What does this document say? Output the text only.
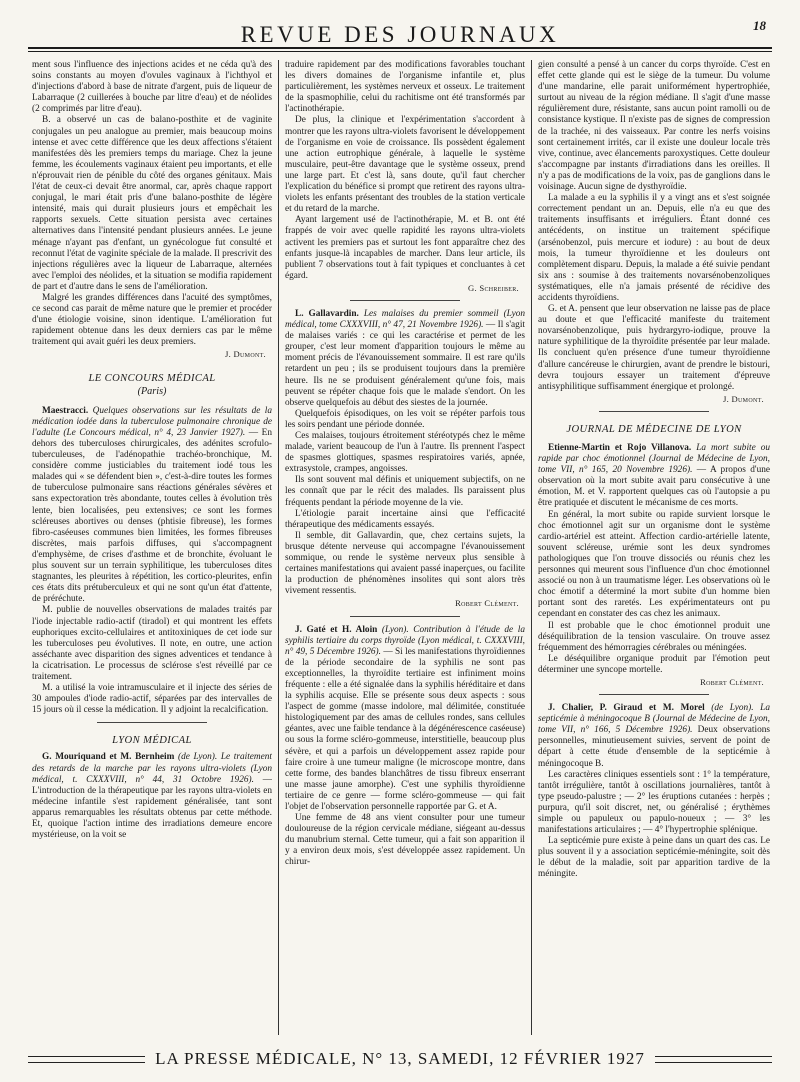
REVUE DES JOURNAUX	18

ment sous l'influence des injections acides et ne céda qu'à des soins constants au moyen d'ovules vaginaux à l'ichthyol et d'injections d'abord à base de nitrate d'argent, puis de liqueur de Labarraque (2 cuillerées à bouche par litre d'eau) et de néolides (2 comprimés par litre d'eau).

B. a observé un cas de balano-posthite et de vaginite conjugales un peu analogue au premier, mais beaucoup moins intense et avec cette différence que les deux affections s'étaient manifestées dès les premiers temps du mariage. Chez la jeune femme, les écoulements vaginaux étaient peu importants, et elle n'éprouvait rien de pénible du côté des organes génitaux. Mais l'état de ceux-ci devait être anormal, car, après chaque rapport conjugal, le mari était pris d'une balano-posthite de légère intensité, mais qui durait plusieurs jours et empêchait les rapports sexuels. Cette situation persista avec certaines alternatives dans l'intensité pendant plusieurs années. Le jeune ménage n'ayant pas d'enfant, un gynécologue fut consulté et reconnut l'état de vaginite spéciale de la malade. Il prescrivit des injections régulières avec la liqueur de Labarraque, alternées avec l'emploi des néolides, et la situation se modifia rapidement de part et d'autre dans le sens de l'amélioration.

Malgré les grandes différences dans l'acuité des symptômes, ce second cas parait de même nature que le premier et procéder d'une étiologie voisine, sinon identique. L'amélioration fut rapidement obtenue dans les deux derniers cas par le même traitement qui avait guéri les deux premiers.

J. Dumont.
LE CONCOURS MÉDICAL
(Paris)

Maestracci. Quelques observations sur les résultats de la médication iodée dans la tuberculose pulmonaire chronique de l'adulte (Le Concours médical, n° 4, 23 Janvier 1927). — En dehors des tuberculoses chirurgicales, des adénites scrofulo-tuberculeuses, de l'adénopathie trachéo-bronchique, M. considère comme justiciables du traitement iodé tous les malades qui « se défendent bien », c'est-à-dire toutes les formes de tuberculose pulmonaire sans réactions générales sévères et sans expectoration très abondante, toutes celles à évolution très lente, bien localisées, peu extensives; ce sont les formes scléreuses abortives ou denses (phtisie fibreuse), les formes fibro-caséeuses communes bien limitées, les formes fibreuses discrètes, mais parfois diffuses, qui s'accompagnent d'emphysème, de crises d'asthme et de bronchite, évoluant le plus souvent sur un terrain syphilitique, les tuberculoses dites stagnantes, les pleurites à répétition, les cortico-pleurites, enfin ces états dits prétuberculeux et qui ne sont qu'un état d'attente, de préréchute.

M. publie de nouvelles observations de malades traités par l'iode injectable radio-actif (tiradol) et qui montrent les effets euphoriques excito-cellulaires et antitoxiniques de cet iode sur les tuberculoses peu évolutives. Il note, en outre, une action asséchante avec disparition des signes adventices et tendance à la cicatrisation. Le processus de sclérose s'est réveillé par ce traitement.

M. a utilisé la voie intramusculaire et il injecte des séries de 30 ampoules d'iode radio-actif, séparées par des intervalles de 15 jours où il cesse la médication. Il y adjoint la recalcification.

LYON MÉDICAL

G. Mouriquand et M. Bernheim (de Lyon). Le traitement des retards de la marche par les rayons ultra-violets (Lyon médical, t. CXXXVIII, n° 44, 31 Octobre 1926). — L'introduction de la thérapeutique par les rayons ultra-violets en médecine infantile s'est rapidement généralisée, tant sont apparus remarquables les résultats obtenus par cette méthode. Et, quoique l'action intime des irradiations demeure encore mystérieuse, on la voit se

traduire rapidement par des modifications favorables touchant les divers domaines de l'organisme infantile et, plus particulièrement, les systèmes nerveux et osseux. Le traitement de la spasmophilie, celui du rachitisme ont été transformés par l'actinothérapie.

De plus, la clinique et l'expérimentation s'accordent à montrer que les rayons ultra-violets favorisent le développement de l'organisme en voie de croissance. Ils possèdent également une action eutrophique générale, à laquelle le système musculaire, peut-être davantage que le système osseux, prend une large part. Et c'est là, sans doute, qu'il faut chercher l'explication du bénéfice si prompt que retirent des rayons ultra-violets les enfants présentant des troubles de la station verticale et du retard de la marche.

Ayant largement usé de l'actinothérapie, M. et B. ont été frappés de voir avec quelle rapidité les rayons ultra-violets activent les premiers pas et surtout les font apparaître chez des enfants jusque-là incapables de marcher. Dans leur article, ils publient 7 observations tout à fait typiques et concluantes à cet égard.

G. Schreiber.

L. Gallavardin. Les malaises du premier sommeil (Lyon médical, tome CXXXVIII, n° 47, 21 Novembre 1926). — Il s'agit de malaises variés : ce qui les caractérise et permet de les grouper, c'est leur moment d'apparition toujours le même au moment précis de l'évanouissement sommaire. Il est rare qu'ils retardent un peu ; ils se produisent toujours dans la première heure. Ils ne se produisent généralement qu'une fois, mais peuvent se répéter chaque fois que le malade s'endort. On les observe quelquefois au début des siestes de la journée.

Quelquefois épisodiques, on les voit se répéter parfois tous les soirs pendant une période donnée.

Ces malaises, toujours étroitement stéréotypés chez le même malade, varient beaucoup de l'un à l'autre. Ils prennent l'aspect de spasmes glottiques, spasmes respiratoires variés, apnée, extrasystole, crampes, angoisses.

Ils sont souvent mal définis et uniquement subjectifs, on ne les connaît que par le récit des malades. Ils paraissent plus fréquents pendant la période moyenne de la vie.

L'étiologie parait incertaine ainsi que l'efficacité thérapeutique des médicaments essayés.

Il semble, dit Gallavardin, que, chez certains sujets, la brusque détente nerveuse qui accompagne l'évanouissement sommique, ou rende le système nerveux plus sensible à certaines manifestations qui avaient passé inaperçues, ou facilite la production de phénomènes insolites qui sont alors très vivement ressentis.

Robert Clément.

J. Gaté et H. Aloin (Lyon). Contribution à l'étude de la syphilis tertiaire du corps thyroïde (Lyon médical, t. CXXXVIII, n° 49, 5 Décembre 1926). — Si les manifestations thyroïdiennes de la période secondaire de la syphilis ne sont pas exceptionnelles, la thyroïdite tertiaire est infiniment moins fréquente : elle a été signalée dans la syphilis héréditaire et dans la syphilis acquise. Elle se présente sous deux aspects : sous l'aspect de gomme (masse indolore, mal délimitée, constituée histologiquement par des amas de cellules rondes, sans cellules géantes, avec une faible tendance à la dégénérescence caséeuse) ou sous la forme scléro-gommeuse, interstitielle, beaucoup plus sévère, et qui a parfois un développement assez rapide pour faire croire à une tumeur maligne (le microscope montre, dans cette forme, des bandes blanchâtres de tissu fibreux enserrant une masse jaune amorphe). C'est une syphilis thyroïdienne tertiaire de ce genre — forme scléro-gommeuse — qui fait l'objet de l'observation personnelle rapportée par G. et A.

Une femme de 48 ans vient consulter pour une tumeur douloureuse de la région cervicale médiane, siégeant au-dessus du manubrium sternal. Cette tumeur, qui a fait son apparition il y a environ deux mois, s'est développée assez rapidement. Un chirur-

gien consulté a pensé à un cancer du corps thyroïde. C'est en effet cette glande qui est le siège de la tumeur. Du volume d'une mandarine, elle parait uniformément hypertrophiée, surtout au niveau de la région médiane. Il s'agit d'une masse régulièrement dure, résistante, sans aucun point ramolli ou de consistance kystique. Il n'existe pas de signes de compression de la trachée, ni des vaisseaux. Par contre les nerfs voisins sont certainement irrités, car il existe une douleur locale très vive, continue, avec élancements paroxystiques. Cette douleur s'accompagne par instants d'irradiations dans les oreilles. Il n'y a pas de modifications de la voix, pas de ganglions dans le voisinage. Aucun signe de dysthyroïdie.

La malade a eu la syphilis il y a vingt ans et s'est soignée correctement pendant un an. Depuis, elle n'a eu que des traitements insuffisants et irréguliers. Étant donné ces antécédents, on institue un traitement spécifique (arsénobenzol, puis mercure et iodure) : au bout de deux mois, la tumeur thyroïdienne et les douleurs ont complètement disparu. Depuis, la malade a été suivie pendant six ans : soumise à des traitements novarsénobenzoliques systématiques, elle n'a jamais présenté de récidive des accidents thyroïdiens.

G. et A. pensent que leur observation ne laisse pas de place au doute et que l'efficacité manifeste du traitement novarsénobenzolique, puis hydrargyro-iodique, prouve la nature syphilitique de la thyroïdite présentée par leur malade. Ils concluent qu'en présence d'une tumeur thyroïdienne d'allure cancéreuse le chirurgien, avant de prendre le bistouri, devra toujours essayer un traitement d'épreuve antisyphilitique suffisamment énergique et prolongé.

J. Dumont.
JOURNAL DE MÉDECINE DE LYON

Etienne-Martin et Rojo Villanova. La mort subite ou rapide par choc émotionnel (Journal de Médecine de Lyon, tome VII, n° 165, 20 Novembre 1926). — A propos d'une observation où la mort subite avait paru consécutive à une émotion, M. et V. rapportent quelques cas où l'autopsie a pu être pratiquée et discutent le mécanisme de ces morts.

En général, la mort subite ou rapide survient lorsque le choc émotionnel agit sur un organisme dont le système cardio-artériel est atteint. Affection cardio-artérielle latente, souvent scléreuse, urémie sont les deux syndromes pathologiques que l'on trouve dissociés ou réunis chez les personnes qui meurent sous l'influence d'un choc émotionnel associé ou non à un traumatisme léger. Les observations où le choc émotif a déterminé la mort subite d'un homme bien portant sont des raretés. Les expérimentateurs ont pu cependant en constater des cas chez les animaux.

Il est probable que le choc émotionnel produit une déséquilibration de la tension vasculaire. On trouve assez fréquemment des hémorragies cérébrales ou méningées.

Le déséquilibre organique produit par l'émotion peut déterminer une syncope mortelle.

Robert Clément.

J. Chalier, P. Giraud et M. Morel (de Lyon). La septicémie à méningocoque B (Journal de Médecine de Lyon, tome VII, n° 166, 5 Décembre 1926). Deux observations personnelles, minutieusement suivies, servent de point de départ à cette étude d'ensemble de la septicémie à méningocoque B.

Les caractères cliniques essentiels sont : 1° la température, tantôt irrégulière, tantôt à oscillations journalières, tantôt à type pseudo-palustre ; — 2° les éruptions cutanées : herpès ; purpura, qu'il soit discret, net, ou généralisé ; érythèmes simple ou papuleux ou papulo-noueux ; — 3° les manifestations articulaires ; — 4° l'hypertrophie splénique.

La septicémie pure existe à peine dans un quart des cas. Le plus souvent il y a association septicémie-méningite, soit dès le début de la maladie, soit par apparition tardive de la méningite.

LA PRESSE MÉDICALE, N° 13, SAMEDI, 12 FÉVRIER 1927
